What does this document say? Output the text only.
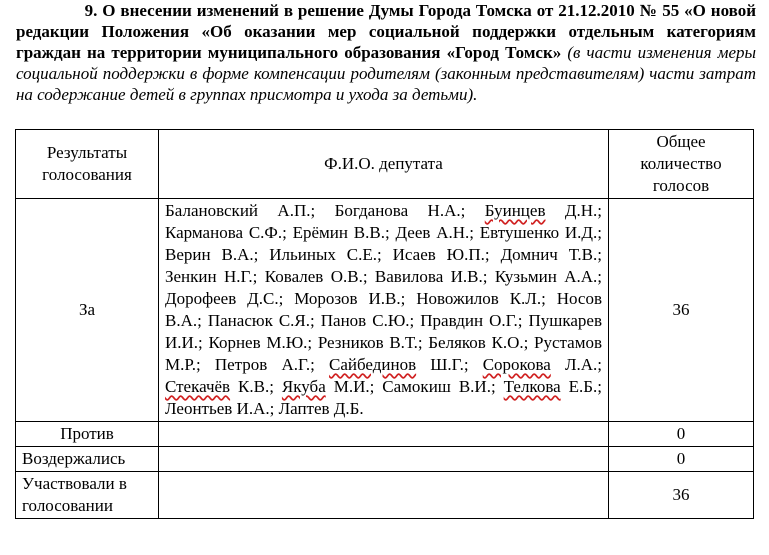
9. О внесении изменений в решение Думы Города Томска от 21.12.2010 № 55 «О новой редакции Положения «Об оказании мер социальной поддержки отдельным категориям граждан на территории муниципального образования «Город Томск» (в части изменения меры социальной поддержки в форме компенсации родителям (законным представителям) части затрат на содержание детей в группах присмотра и ухода за детьми).
Результаты голосования	Ф.И.О. депутата	Общее количество голосов
За	Балановский А.П.; Богданова Н.А.; Буинцев Д.Н.; Карманова С.Ф.; Ерёмин В.В.; Деев А.Н.; Евтушенко И.Д.; Верин В.А.; Ильиных С.Е.; Исаев Ю.П.; Домнич Т.В.; Зенкин Н.Г.; Ковалев О.В.; Вавилова И.В.; Кузьмин А.А.; Дорофеев Д.С.; Морозов И.В.; Новожилов К.Л.; Носов В.А.; Панасюк С.Я.; Панов С.Ю.; Правдин О.Г.; Пушкарев И.И.; Корнев М.Ю.; Резников В.Т.; Беляков К.О.; Рустамов М.Р.; Петров А.Г.; Сайбединов Ш.Г.; Сорокова Л.А.; Стекачёв К.В.; Якуба М.И.; Самокиш В.И.; Телкова Е.Б.; Леонтьев И.А.; Лаптев Д.Б.	36
Против		0
Воздержались		0
Участвовали в голосовании		36
